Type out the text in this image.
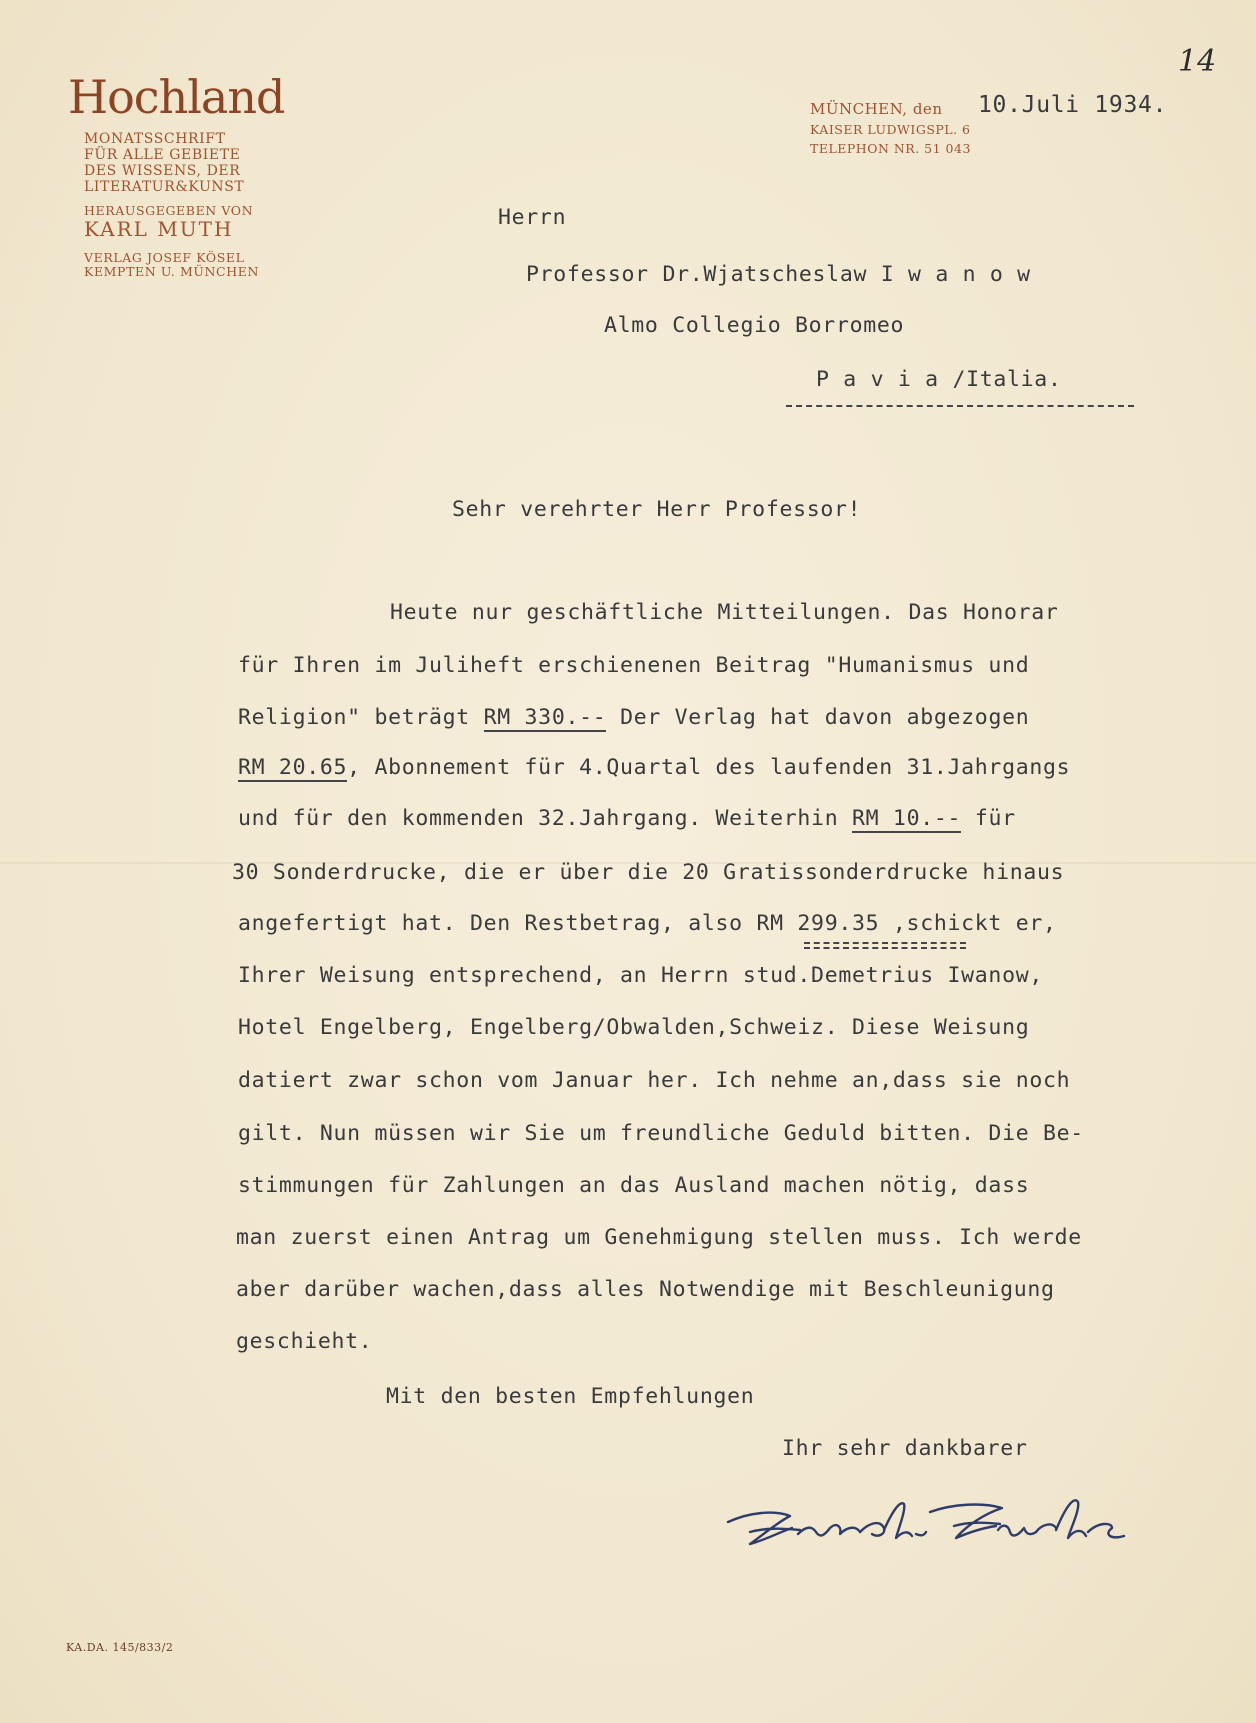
14
Hochland
MONATSSCHRIFT
FÜR ALLE GEBIETE
DES WISSENS, DER
LITERATUR&KUNST
HERAUSGEGEBEN VON
KARL MUTH
VERLAG JOSEF KÖSEL
KEMPTEN U. MÜNCHEN
MÜNCHEN, den
KAISER LUDWIGSPL. 6
TELEPHON NR. 51 043
10.Juli 1934.
Herrn
Professor Dr.Wjatscheslaw I w a n o w
Almo Collegio Borromeo
P a v i a /Italia.
Sehr verehrter Herr Professor!
Heute nur geschäftliche Mitteilungen. Das Honorar
für Ihren im Juliheft erschienenen Beitrag "Humanismus und
Religion" beträgt RM 330.-- Der Verlag hat davon abgezogen
RM 20.65, Abonnement für 4.Quartal des laufenden 31.Jahrgangs
und für den kommenden 32.Jahrgang. Weiterhin RM 10.-- für
30 Sonderdrucke, die er über die 20 Gratissonderdrucke hinaus
angefertigt hat. Den Restbetrag, also RM 299.35 ,schickt er,
Ihrer Weisung entsprechend, an Herrn stud.Demetrius Iwanow,
Hotel Engelberg, Engelberg/Obwalden,Schweiz. Diese Weisung
datiert zwar schon vom Januar her. Ich nehme an,dass sie noch
gilt. Nun müssen wir Sie um freundliche Geduld bitten. Die Be-
stimmungen für Zahlungen an das Ausland machen nötig, dass
man zuerst einen Antrag um Genehmigung stellen muss. Ich werde
aber darüber wachen,dass alles Notwendige mit Beschleunigung
geschieht.
Mit den besten Empfehlungen
Ihr sehr dankbarer
KA.DA. 145/833/2
